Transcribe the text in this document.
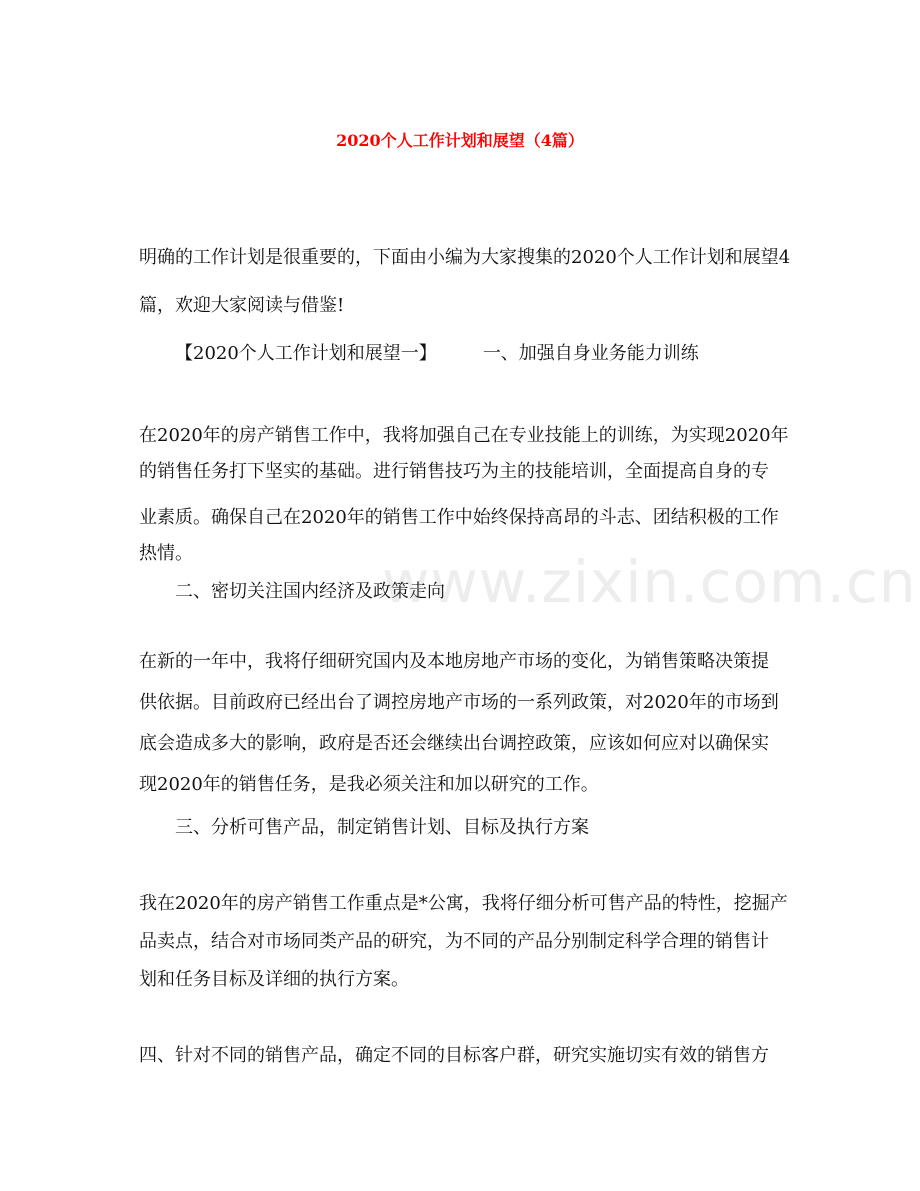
2020个人工作计划和展望（4篇）
明确的工作计划是很重要的，下面由小编为大家搜集的2020个人工作计划和展望4
篇，欢迎大家阅读与借鉴!
【2020个人工作计划和展望一】	一、加强自身业务能力训练
在2020年的房产销售工作中，我将加强自己在专业技能上的训练，为实现2020年
的销售任务打下坚实的基础。进行销售技巧为主的技能培训，全面提高自身的专
业素质。确保自己在2020年的销售工作中始终保持高昂的斗志、团结积极的工作
热情。
二、密切关注国内经济及政策走向
在新的一年中，我将仔细研究国内及本地房地产市场的变化，为销售策略决策提
供依据。目前政府已经出台了调控房地产市场的一系列政策，对2020年的市场到
底会造成多大的影响，政府是否还会继续出台调控政策，应该如何应对以确保实
现2020年的销售任务，是我必须关注和加以研究的工作。
三、分析可售产品，制定销售计划、目标及执行方案
我在2020年的房产销售工作重点是*公寓，我将仔细分析可售产品的特性，挖掘产
品卖点，结合对市场同类产品的研究，为不同的产品分别制定科学合理的销售计
划和任务目标及详细的执行方案。
四、针对不同的销售产品，确定不同的目标客户群，研究实施切实有效的销售方
www.zixin.com.cn
